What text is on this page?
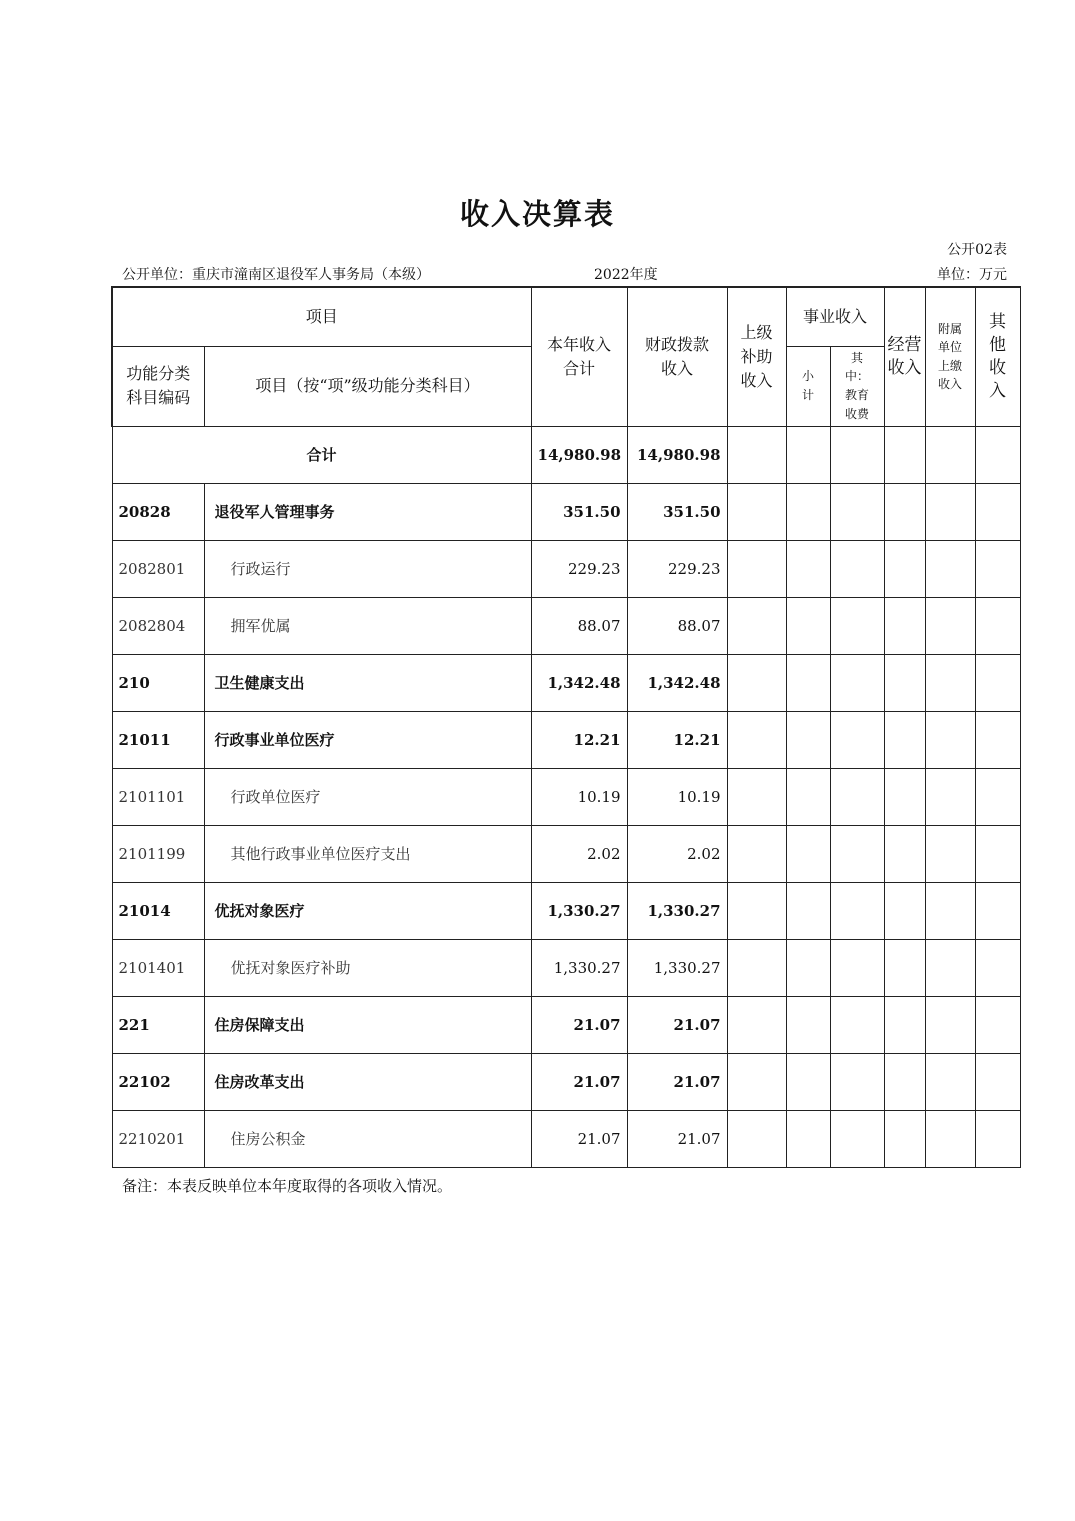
收入决算表
公开02表
公开单位：重庆市潼南区退役军人事务局（本级）	2022年度	单位：万元
项目		本年收入合计	财政拨款收入	上级补助收入	事业收入		经营收入	附属单位上缴收入	其他收入
功能分类科目编码	项目（按“项”级功能分类科目）				小计	其中：教育收费			
合计		14,980.98	14,980.98						
20828	退役军人管理事务	351.50	351.50						
2082801	行政运行	229.23	229.23						
2082804	拥军优属	88.07	88.07						
210	卫生健康支出	1,342.48	1,342.48						
21011	行政事业单位医疗	12.21	12.21						
2101101	行政单位医疗	10.19	10.19						
2101199	其他行政事业单位医疗支出	2.02	2.02						
21014	优抚对象医疗	1,330.27	1,330.27						
2101401	优抚对象医疗补助	1,330.27	1,330.27						
221	住房保障支出	21.07	21.07						
22102	住房改革支出	21.07	21.07						
2210201	住房公积金	21.07	21.07						
备注：本表反映单位本年度取得的各项收入情况。
